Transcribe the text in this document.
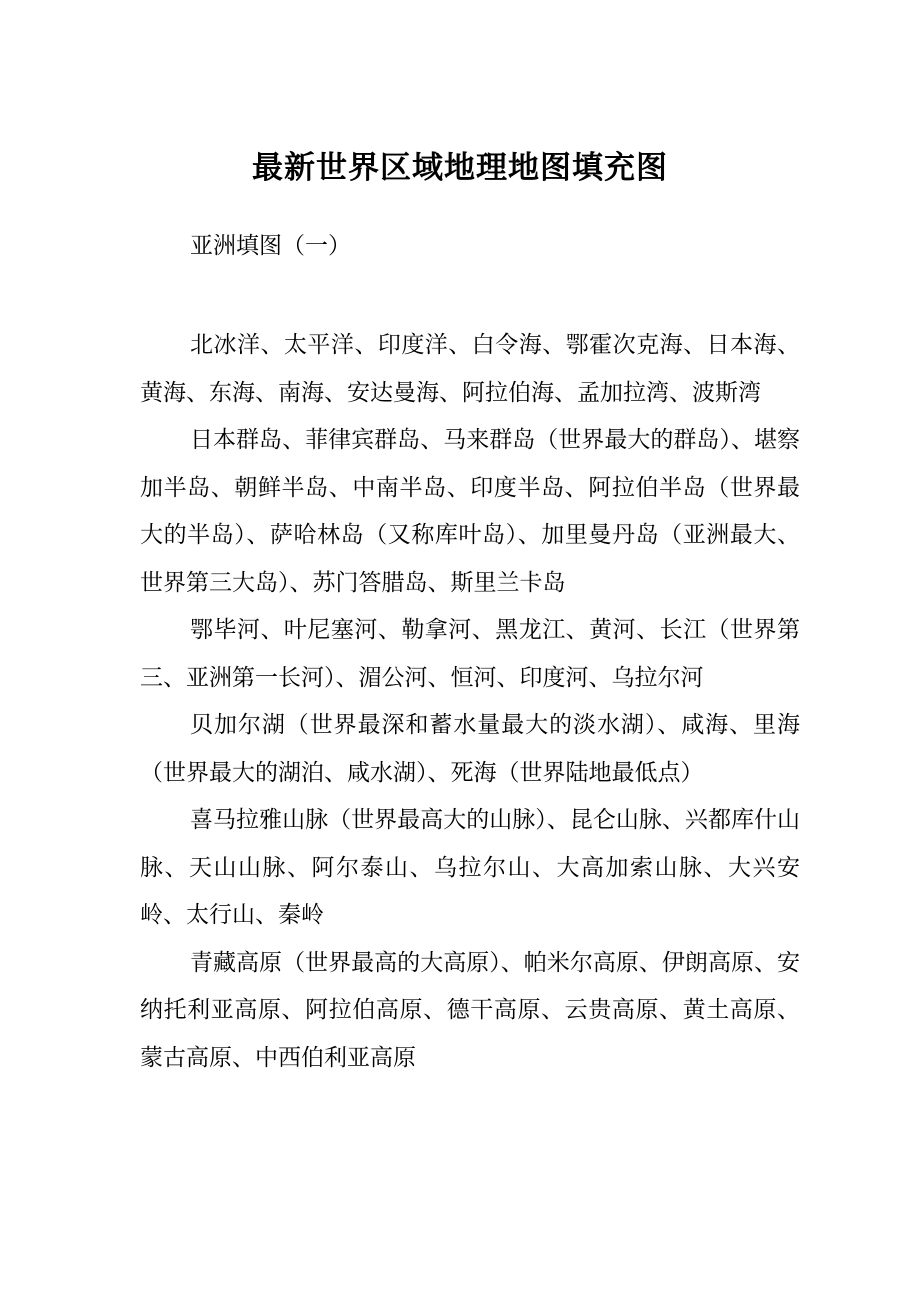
最新世界区域地理地图填充图

亚洲填图（一）

北冰洋、太平洋、印度洋、白令海、鄂霍次克海、日本海、黄海、东海、南海、安达曼海、阿拉伯海、孟加拉湾、波斯湾

日本群岛、菲律宾群岛、马来群岛（世界最大的群岛）、堪察加半岛、朝鲜半岛、中南半岛、印度半岛、阿拉伯半岛（世界最大的半岛）、萨哈林岛（又称库叶岛）、加里曼丹岛（亚洲最大、世界第三大岛）、苏门答腊岛、斯里兰卡岛

鄂毕河、叶尼塞河、勒拿河、黑龙江、黄河、长江（世界第三、亚洲第一长河）、湄公河、恒河、印度河、乌拉尔河

贝加尔湖（世界最深和蓄水量最大的淡水湖）、咸海、里海（世界最大的湖泊、咸水湖）、死海（世界陆地最低点）

喜马拉雅山脉（世界最高大的山脉）、昆仑山脉、兴都库什山脉、天山山脉、阿尔泰山、乌拉尔山、大高加索山脉、大兴安岭、太行山、秦岭

青藏高原（世界最高的大高原）、帕米尔高原、伊朗高原、安纳托利亚高原、阿拉伯高原、德干高原、云贵高原、黄土高原、蒙古高原、中西伯利亚高原
